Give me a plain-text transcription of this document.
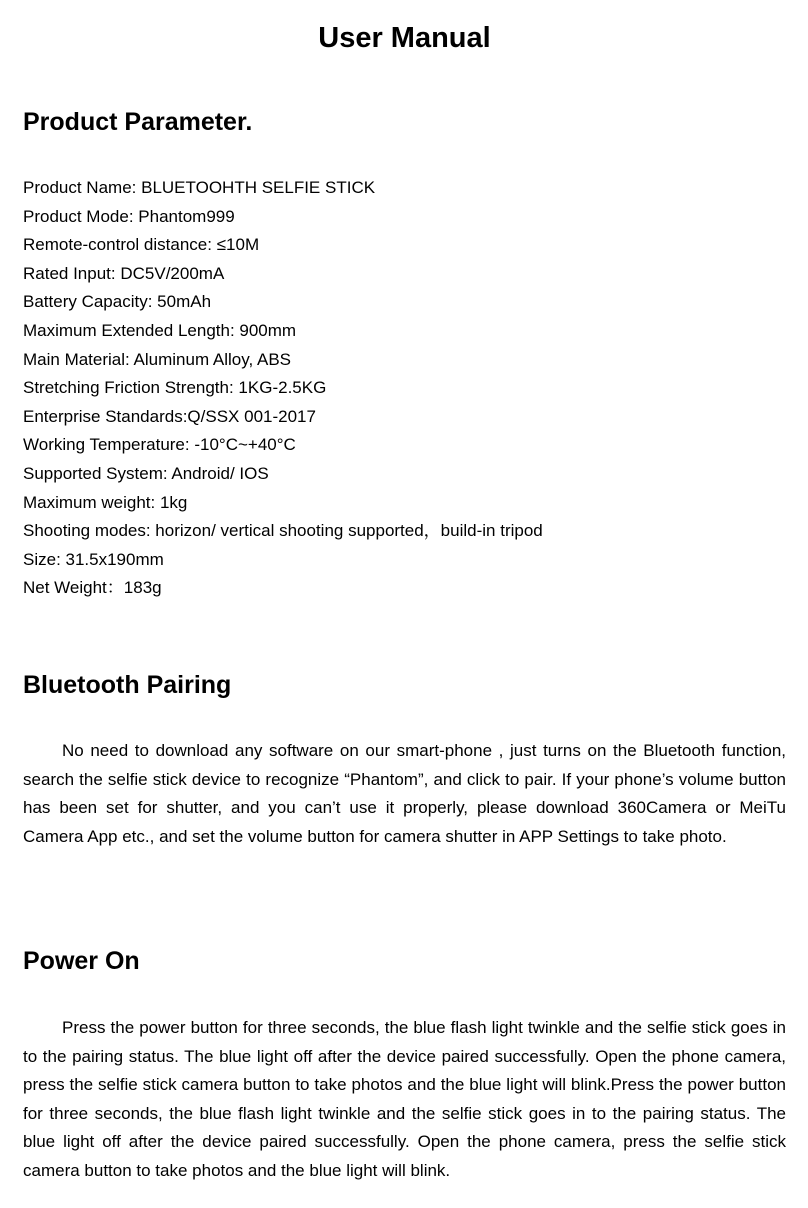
User Manual
Product Parameter.
Product Name: BLUETOOHTH SELFIE STICK
Product Mode: Phantom999
Remote-control distance: ≤10M
Rated Input: DC5V/200mA
Battery Capacity: 50mAh
Maximum Extended Length: 900mm
Main Material: Aluminum Alloy, ABS
Stretching Friction Strength: 1KG-2.5KG
Enterprise Standards:Q/SSX 001-2017
Working Temperature: -10°C~+40°C
Supported System: Android/ IOS
Maximum weight: 1kg
Shooting modes: horizon/ vertical shooting supported，build-in tripod
Size: 31.5x190mm
Net Weight：183g
Bluetooth Pairing

No need to download any software on our smart-phone , just turns on the Bluetooth function, search the selfie stick device to recognize “Phantom”, and click to pair. If your phone’s volume button has been set for shutter, and you can’t use it properly, please download 360Camera or MeiTu Camera App etc., and set the volume button for camera shutter in APP Settings to take photo.

Power On

Press the power button for three seconds, the blue flash light twinkle and the selfie stick goes in to the pairing status. The blue light off after the device paired successfully. Open the phone camera, press the selfie stick camera button to take photos and the blue light will blink.Press the power button for three seconds, the blue flash light twinkle and the selfie stick goes in to the pairing status. The blue light off after the device paired successfully. Open the phone camera, press the selfie stick camera button to take photos and the blue light will blink.
